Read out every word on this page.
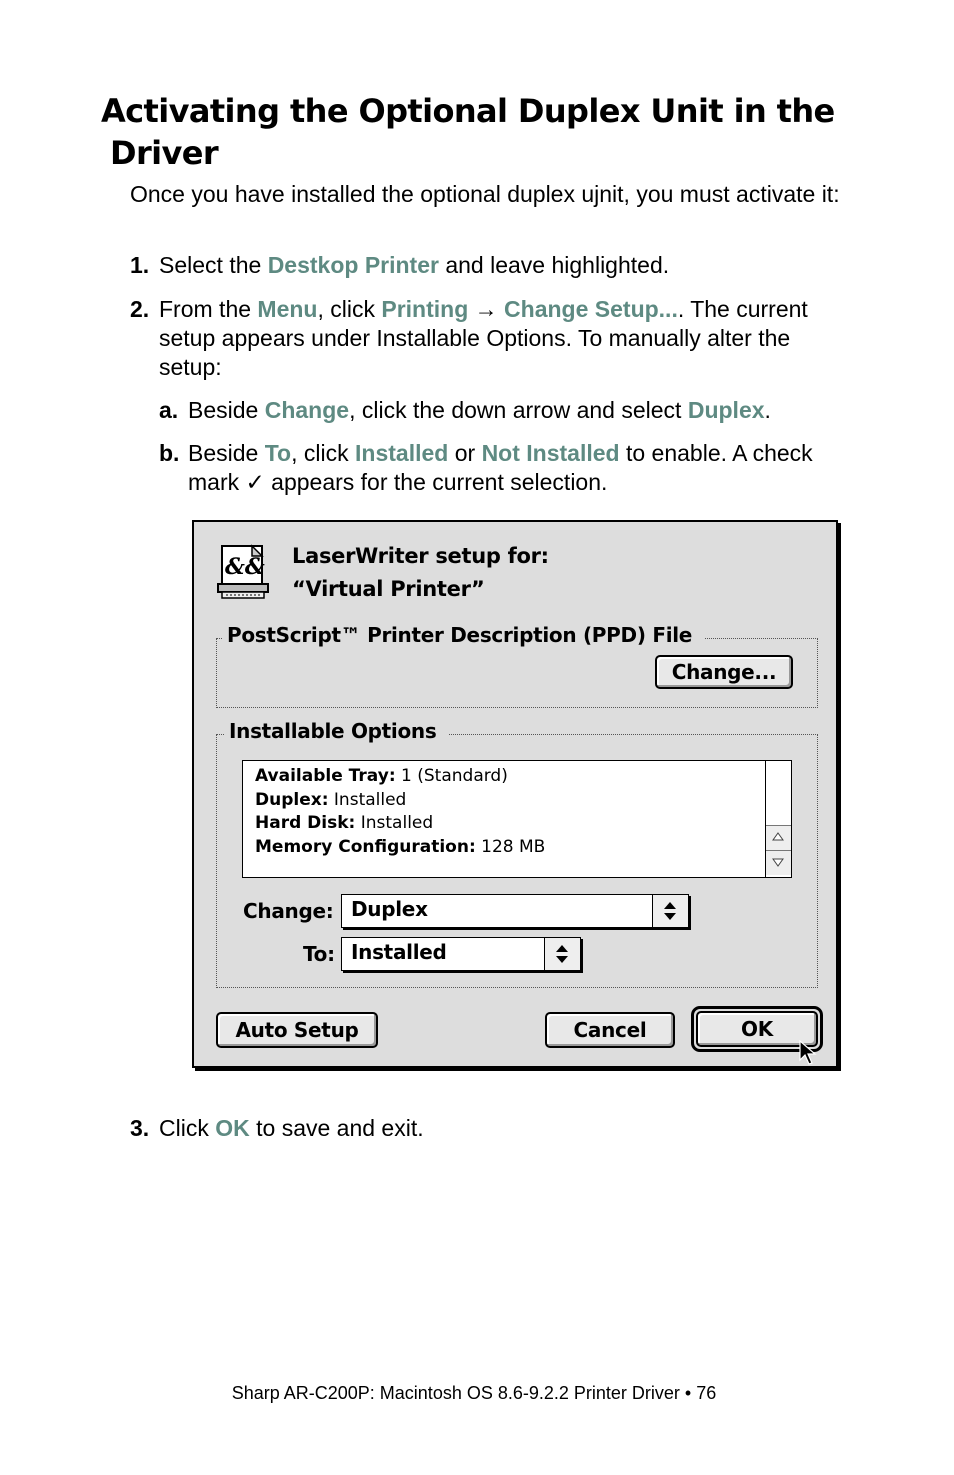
Activating the Optional Duplex Unit in the
Driver

Once you have installed the optional duplex ujnit, you must activate it:

1. Select the Destkop Printer and leave highlighted.
2. From the Menu, click Printing → Change Setup.... The current setup appears under Installable Options. To manually alter the setup:
a. Beside Change, click the down arrow and select Duplex.
b. Beside To, click Installed or Not Installed to enable. A check mark ✓ appears for the current selection.
&& LaserWriter setup for:
“Virtual Printer”
PostScript™ Printer Description (PPD) File
Change...
Installable Options
Available Tray: 1 (Standard)
Duplex: Installed
Hard Disk: Installed
Memory Configuration: 128 MB
Change: Duplex
To: Installed
Auto Setup	Cancel	OK
3. Click OK to save and exit.
Sharp AR-C200P: Macintosh OS 8.6-9.2.2 Printer Driver • 76
